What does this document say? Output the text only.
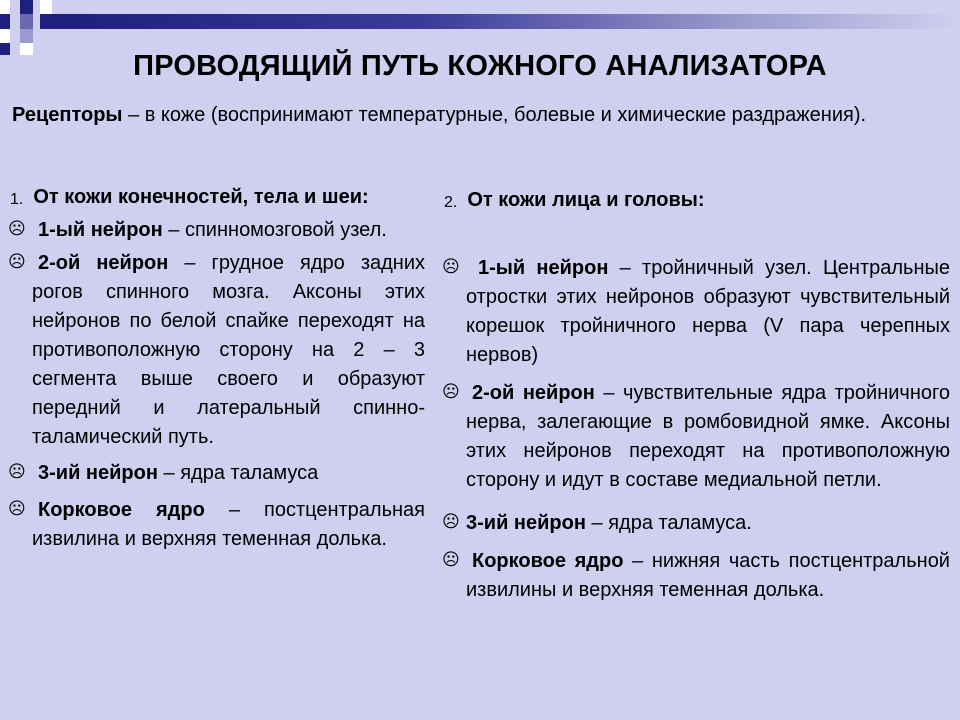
ПРОВОДЯЩИЙ ПУТЬ КОЖНОГО АНАЛИЗАТОРА
Рецепторы – в коже (воспринимают температурные, болевые и химические раздражения).
1. От кожи конечностей, тела и шеи:
☹ 1-ый нейрон – спинномозговой узел.
☹ 2-ой нейрон – грудное ядро задних рогов спинного мозга. Аксоны этих нейронов по белой спайке переходят на противоположную сторону на 2 – 3 сегмента выше своего и образуют передний и латеральный спинно-таламический путь.
☹ 3-ий нейрон – ядра таламуса
☹ Корковое ядро – постцентральная извилина и верхняя теменная долька.
2. От кожи лица и головы:
☹ 1-ый нейрон – тройничный узел. Центральные отростки этих нейронов образуют чувствительный корешок тройничного нерва (V пара черепных нервов)
☹ 2-ой нейрон – чувствительные ядра тройничного нерва, залегающие в ромбовидной ямке. Аксоны этих нейронов переходят на противоположную сторону и идут в составе медиальной петли.
☹ 3-ий нейрон – ядра таламуса.
☹ Корковое ядро – нижняя часть постцентральной извилины и верхняя теменная долька.
